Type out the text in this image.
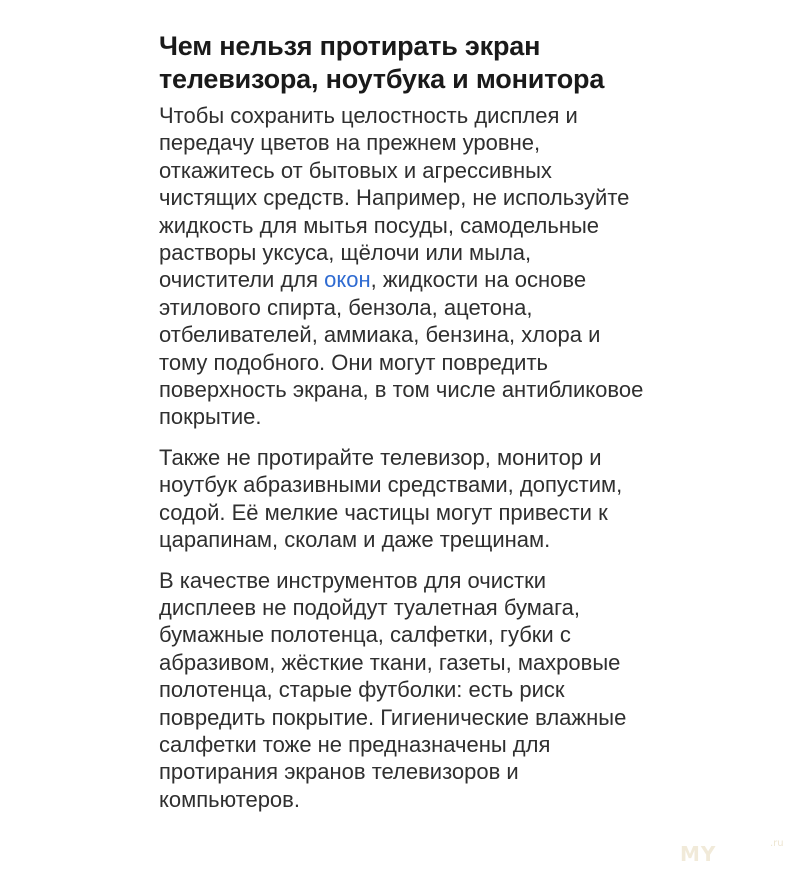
Чем нельзя протирать экран телевизора, ноутбука и монитора

Чтобы сохранить целостность дисплея и передачу цветов на прежнем уровне, откажитесь от бытовых и агрессивных чистящих средств. Например, не используйте жидкость для мытья посуды, самодельные растворы уксуса, щёлочи или мыла, очистители для окон, жидкости на основе этилового спирта, бензола, ацетона, отбеливателей, аммиака, бензина, хлора и тому подобного. Они могут повредить поверхность экрана, в том числе антибликовое покрытие.

Также не протирайте телевизор, монитор и ноутбук абразивными средствами, допустим, содой. Её мелкие частицы могут привести к царапинам, сколам и даже трещинам.

В качестве инструментов для очистки дисплеев не подойдут туалетная бумага, бумажные полотенца, салфетки, губки с абразивом, жёсткие ткани, газеты, махровые полотенца, старые футболки: есть риск повредить покрытие. Гигиенические влажные салфетки тоже не предназначены для протирания экранов телевизоров и компьютеров.

MY	.ru
